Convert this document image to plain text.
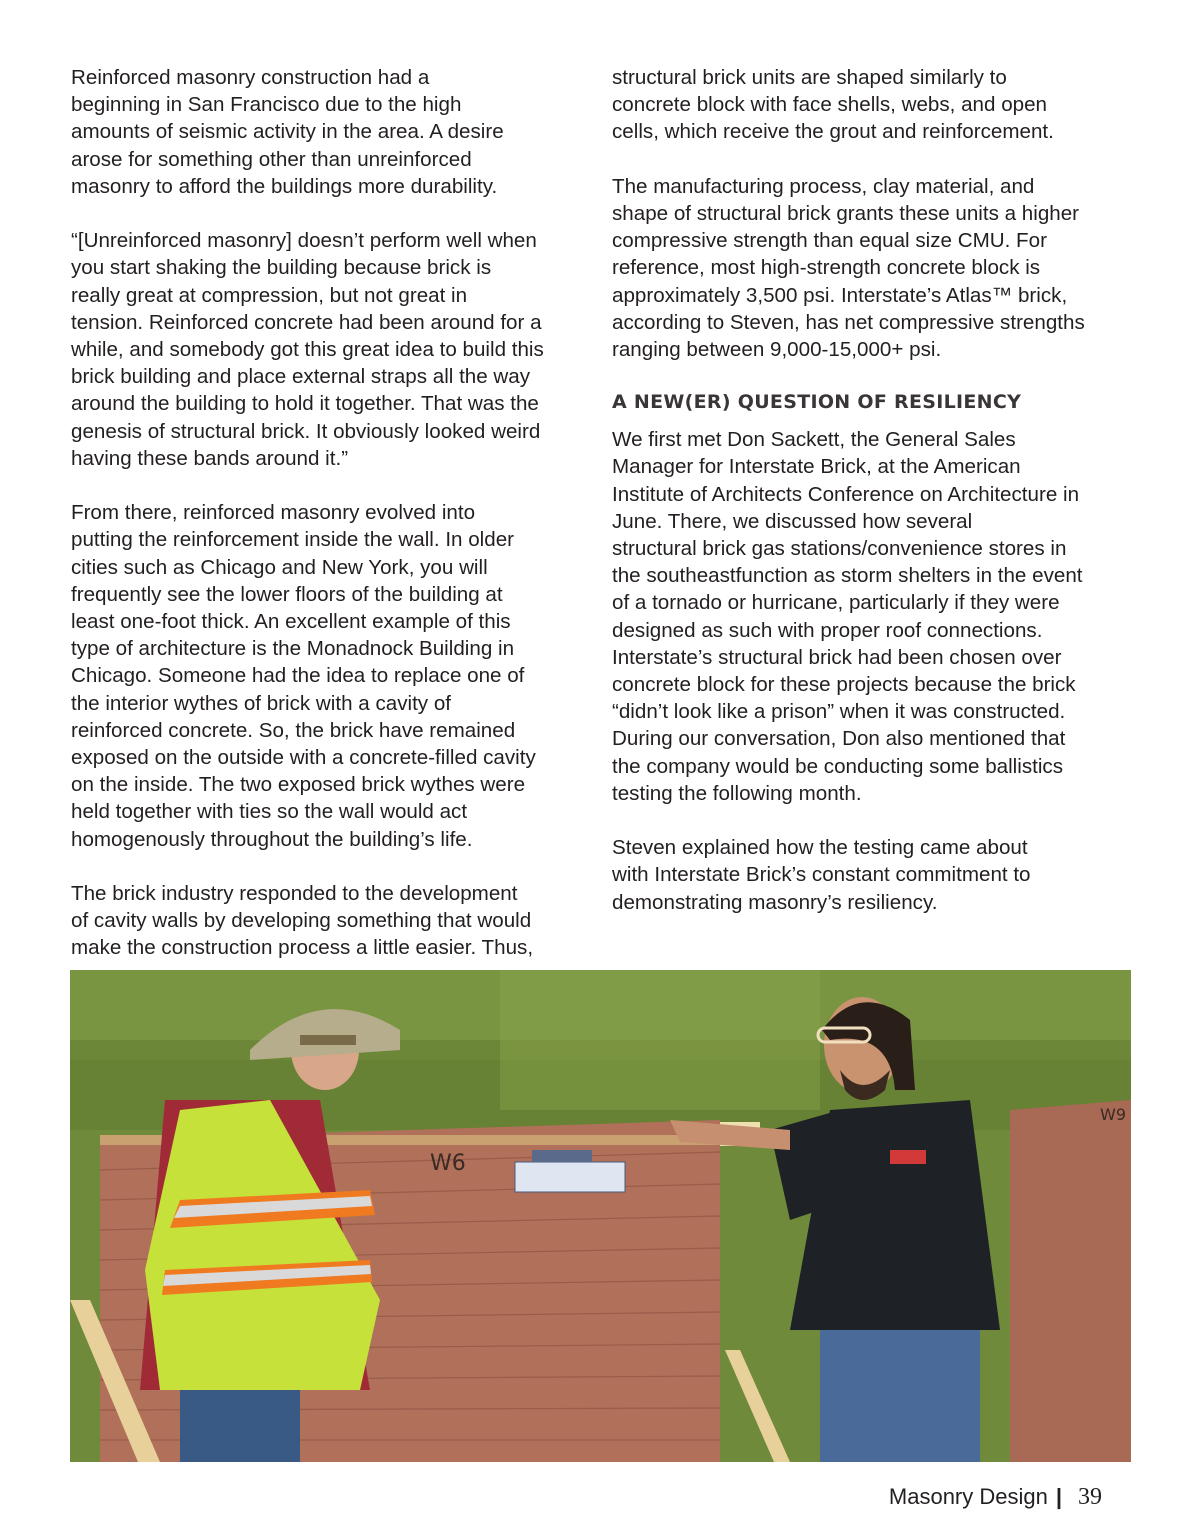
Reinforced masonry construction had a
beginning in San Francisco due to the high
amounts of seismic activity in the area. A desire
arose for something other than unreinforced
masonry to afford the buildings more durability.

“[Unreinforced masonry] doesn’t perform well when
you start shaking the building because brick is
really great at compression, but not great in
tension. Reinforced concrete had been around for a
while, and somebody got this great idea to build this
brick building and place external straps all the way
around the building to hold it together. That was the
genesis of structural brick. It obviously looked weird
having these bands around it.”

From there, reinforced masonry evolved into
putting the reinforcement inside the wall. In older
cities such as Chicago and New York, you will
frequently see the lower floors of the building at
least one-foot thick. An excellent example of this
type of architecture is the Monadnock Building in
Chicago. Someone had the idea to replace one of
the interior wythes of brick with a cavity of
reinforced concrete. So, the brick have remained
exposed on the outside with a concrete-filled cavity
on the inside. The two exposed brick wythes were
held together with ties so the wall would act
homogenously throughout the building’s life.

The brick industry responded to the development
of cavity walls by developing something that would
make the construction process a little easier. Thus,

structural brick units are shaped similarly to
concrete block with face shells, webs, and open
cells, which receive the grout and reinforcement.

The manufacturing process, clay material, and
shape of structural brick grants these units a higher
compressive strength than equal size CMU. For
reference, most high-strength concrete block is
approximately 3,500 psi. Interstate’s Atlas™ brick,
according to Steven, has net compressive strengths
ranging between 9,000-15,000+ psi.

A NEW(ER) QUESTION OF RESILIENCY

We first met Don Sackett, the General Sales
Manager for Interstate Brick, at the American
Institute of Architects Conference on Architecture in
June. There, we discussed how several
structural brick gas stations/convenience stores in
the southeastfunction as storm shelters in the event
of a tornado or hurricane, particularly if they were
designed as such with proper roof connections.
Interstate’s structural brick had been chosen over
concrete block for these projects because the brick
“didn’t look like a prison” when it was constructed.
During our conversation, Don also mentioned that
the company would be conducting some ballistics
testing the following month.

Steven explained how the testing came about
with Interstate Brick’s constant commitment to
demonstrating masonry’s resiliency.

W6
W9
Masonry Design | 39
